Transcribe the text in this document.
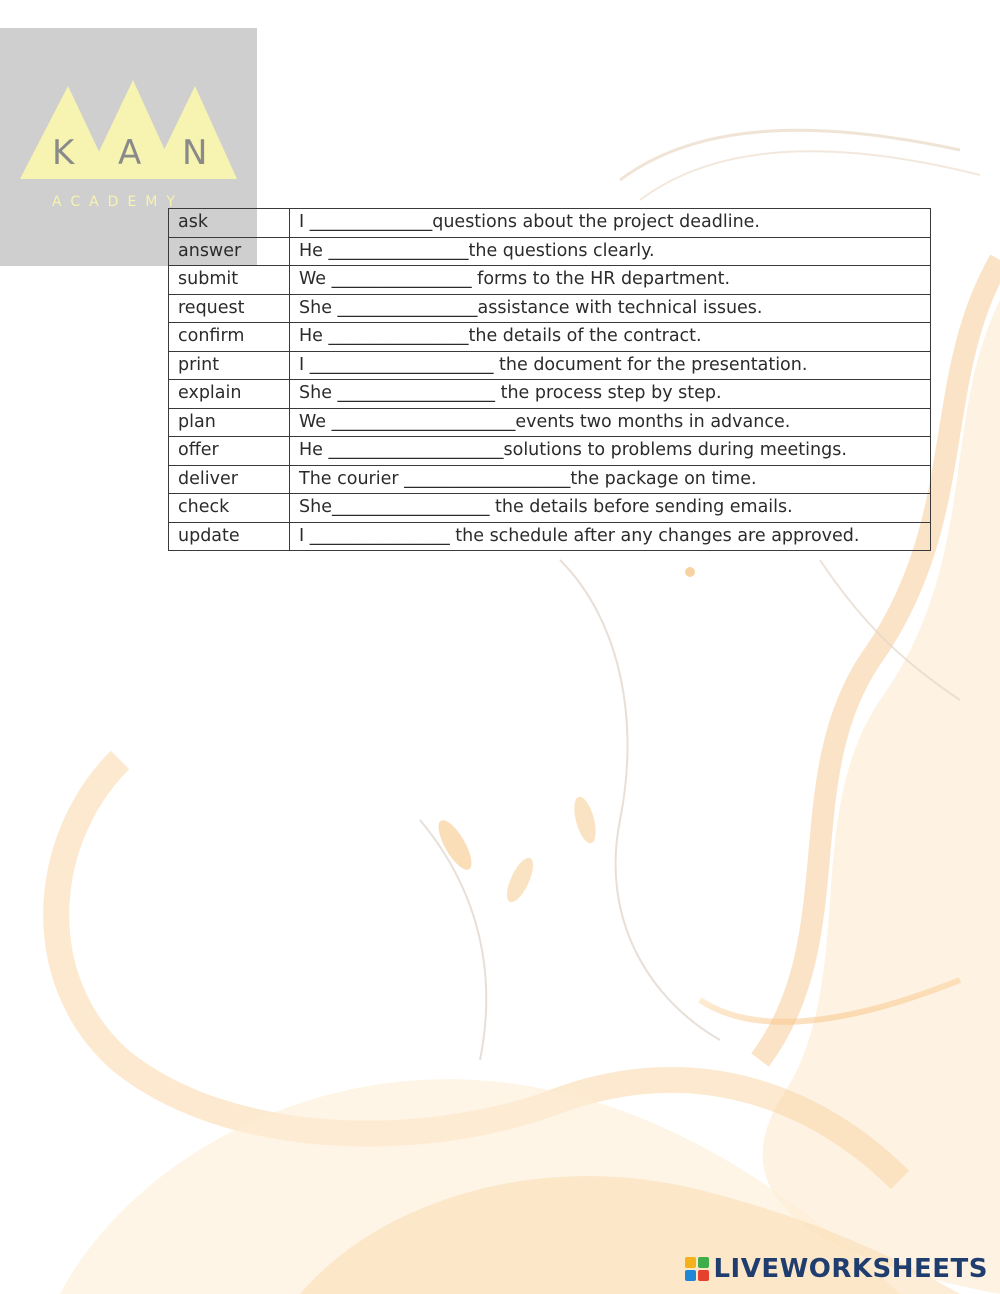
K A N
ACADEMY
ask	I ______________questions about the project deadline.
answer	He ________________the questions clearly.
submit	We ________________ forms to the HR department.
request	She ________________assistance with technical issues.
confirm	He ________________the details of the contract.
print	I _____________________ the document for the presentation.
explain	She __________________ the process step by step.
plan	We _____________________events two months in advance.
offer	He ____________________solutions to problems during meetings.
deliver	The courier ___________________the package on time.
check	She__________________ the details before sending emails.
update	I ________________ the schedule after any changes are approved.
LIVEWORKSHEETS
